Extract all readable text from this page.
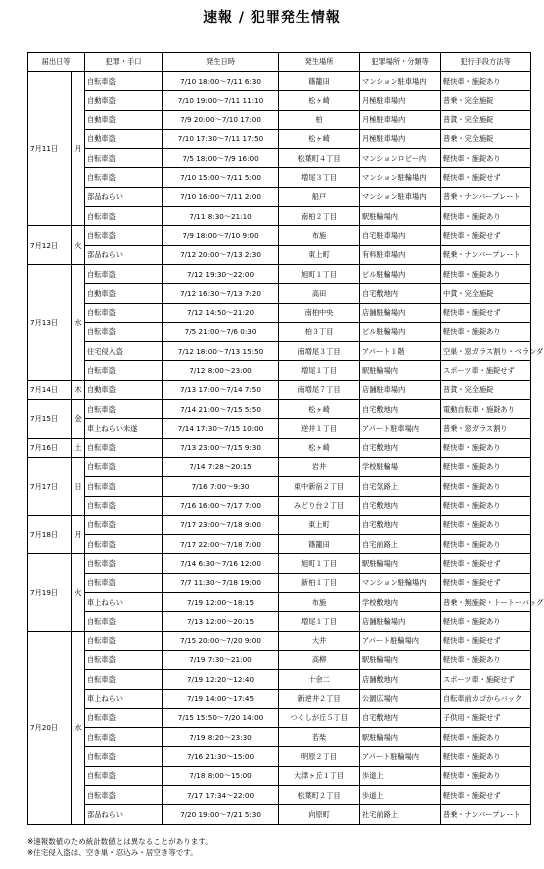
速報 / 犯罪発生情報
届出日等		犯罪・手口	発生日時	発生場所	犯罪場所・分類等	犯行手段方法等
7月11日	月	自転車盗	7/10 18:00～7/11 6:30	篠籠田	マンション駐車場内	軽快車・施錠あり
		自動車盗	7/10 19:00～7/11 11:10	松ヶ崎	月極駐車場内	普乗・完全施錠
		自動車盗	7/9 20:00～7/10 17:00	柏	月極駐車場内	普貨・完全施錠
		自動車盗	7/10 17:30～7/11 17:50	松ヶ崎	月極駐車場内	普乗・完全施錠
		自転車盗	7/5 18:00～7/9 16:00	松葉町４丁目	マンションロビー内	軽快車・施錠あり
		自転車盗	7/10 15:00～7/11 5:00	増尾３丁目	マンション駐輪場内	軽快車・施錠せず
		部品ねらい	7/10 16:00～7/11 2:00	船戸	マンション駐車場内	普乗・ナンバープレート
		自転車盗	7/11 8:30～21:10	南柏２丁目	駅駐輪場内	軽快車・施錠あり
7月12日	火	自転車盗	7/9 18:00～7/10 9:00	布施	自宅駐車場内	軽快車・施錠せず
		部品ねらい	7/12 20:00～7/13 2:30	東上町	有料駐車場内	軽乗・ナンバープレート
7月13日	水	自転車盗	7/12 19:30～22:00	旭町１丁目	ビル駐輪場内	軽快車・施錠あり
		自動車盗	7/12 16:30～7/13 7:20	高田	自宅敷地内	中貨・完全施錠
		自転車盗	7/12 14:50～21:20	南柏中央	店舗駐輪場内	軽快車・施錠せず
		自転車盗	7/5 21:00～7/6 0:30	柏３丁目	ビル駐輪場内	軽快車・施錠あり
		住宅侵入盗	7/12 18:00～7/13 15:50	南増尾３丁目	アパート１階	空巣・窓ガラス割り・ベランダ
		自転車盗	7/12 8:00～23:00	増尾１丁目	駅駐輪場内	スポーツ車・施錠せず
7月14日	木	自動車盗	7/13 17:00～7/14 7:50	南増尾７丁目	店舗駐車場内	普貨・完全施錠
7月15日	金	自転車盗	7/14 21:00～7/15 5:50	松ヶ崎	自宅敷地内	電動自転車・施錠あり
		車上ねらい未遂	7/14 17:30～7/15 10:00	逆井１丁目	アパート駐車場内	普乗・窓ガラス割り
7月16日	土	自転車盗	7/13 23:00～7/15 9:30	松ヶ崎	自宅敷地内	軽快車・施錠あり
7月17日	日	自転車盗	7/14 7:28～20:15	岩井	学校駐輪場	軽快車・施錠あり
		自転車盗	7/16 7:00～9:30	東中新宿２丁目	自宅気路上	軽快車・施錠あり
		自転車盗	7/16 16:00～7/17 7:00	みどり台２丁目	自宅敷地内	軽快車・施錠あり
7月18日	月	自転車盗	7/17 23:00～7/18 9:00	東上町	自宅敷地内	軽快車・施錠あり
		自転車盗	7/17 22:00～7/18 7:00	篠籠田	自宅前路上	軽快車・施錠あり
7月19日	火	自転車盗	7/14 6:30～7/16 12:00	旭町１丁目	駅駐輪場内	軽快車・施錠せず
		自転車盗	7/7 11:30～7/18 19:00	新柏１丁目	マンション駐輪場内	軽快車・施錠せず
		車上ねらい	7/19 12:00～18:15	布施	学校敷地内	普乗・無施錠・トートーバッグ
		自転車盗	7/13 12:00～20:15	増尾１丁目	店舗駐輪場内	軽快車・施錠あり
7月20日	水	自転車盗	7/15 20:00～7/20 9:00	大井	アパート駐輪場内	軽快車・施錠せず
		自転車盗	7/19 7:30～21:00	高柳	駅駐輪場内	軽快車・施錠あり
		自転車盗	7/19 12:20～12:40	十余二	店舗敷地内	スポーツ車・施錠せず
		車上ねらい	7/19 14:00～17:45	新逆井２丁目	公園広場内	自転車前カゴからバック
		自転車盗	7/15 15:50～7/20 14:00	つくしが丘５丁目	自宅敷地内	子供用・施錠せず
		自転車盗	7/19 8:20～23:30	若柴	駅駐輪場内	軽快車・施錠あり
		自転車盗	7/16 21:30～15:00	明原２丁目	アパート駐輪場内	軽快車・施錠あり
		自転車盗	7/18 8:00～15:00	大津ヶ丘１丁目	歩道上	軽快車・施錠あり
		自転車盗	7/17 17:34～22:00	松葉町２丁目	歩道上	軽快車・施錠せず
		部品ねらい	7/20 19:00～7/21 5:30	向原町	社宅前路上	普乗・ナンバープレート
※速報数値のため統計数値とは異なることがあります。
※住宅侵入盗は、空き巣・忍込み・居空き等です。
